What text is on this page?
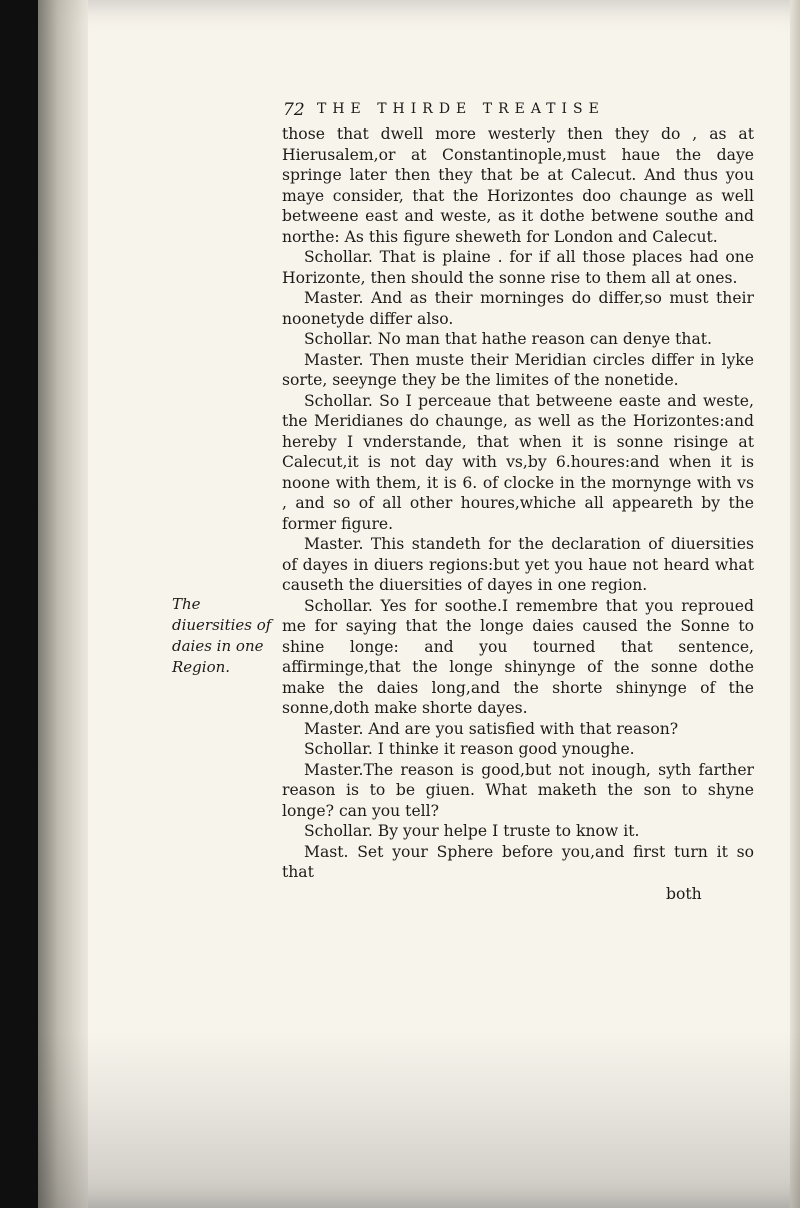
72 THE THIRDE TREATISE

those that dwell more westerly then they do , as at Hierusalem,or at Constantinople,must haue the daye springe later then they that be at Calecut. And thus you maye consider, that the Horizontes doo chaunge as well betweene east and weste, as it dothe betwene southe and northe: As this figure sheweth for London and Calecut.

Schollar. That is plaine . for if all those places had one Horizonte, then should the sonne rise to them all at ones.

Master. And as their morninges do differ,so must their noonetyde differ also.

Schollar. No man that hathe reason can denye that.

Master. Then muste their Meridian circles differ in lyke sorte, seeynge they be the limites of the nonetide.

Schollar. So I perceaue that betweene easte and weste, the Meridianes do chaunge, as well as the Horizontes:and hereby I vnderstande, that when it is sonne risinge at Calecut,it is not day with vs,by 6.houres:and when it is noone with them, it is 6. of clocke in the mornynge with vs , and so of all other houres,whiche all appeareth by the former figure.

Master. This standeth for the declaration of diuersities of dayes in diuers regions:but yet you haue not heard what causeth the diuersities of dayes in one region.

Schollar. Yes for soothe.I remembre that you reproued me for saying that the longe daies caused the Sonne to shine longe: and you tourned that sentence, affirminge,that the longe shinynge of the sonne dothe make the daies long,and the shorte shinynge of the sonne,doth make shorte dayes.

Master. And are you satisfied with that reason?

Schollar. I thinke it reason good ynoughe.

Master.The reason is good,but not inough, syth farther reason is to be giuen. What maketh the son to shyne longe? can you tell?

Schollar. By your helpe I truste to know it.

Mast. Set your Sphere before you,and first turn it so that

The diuersities of daies in one Region.
both
